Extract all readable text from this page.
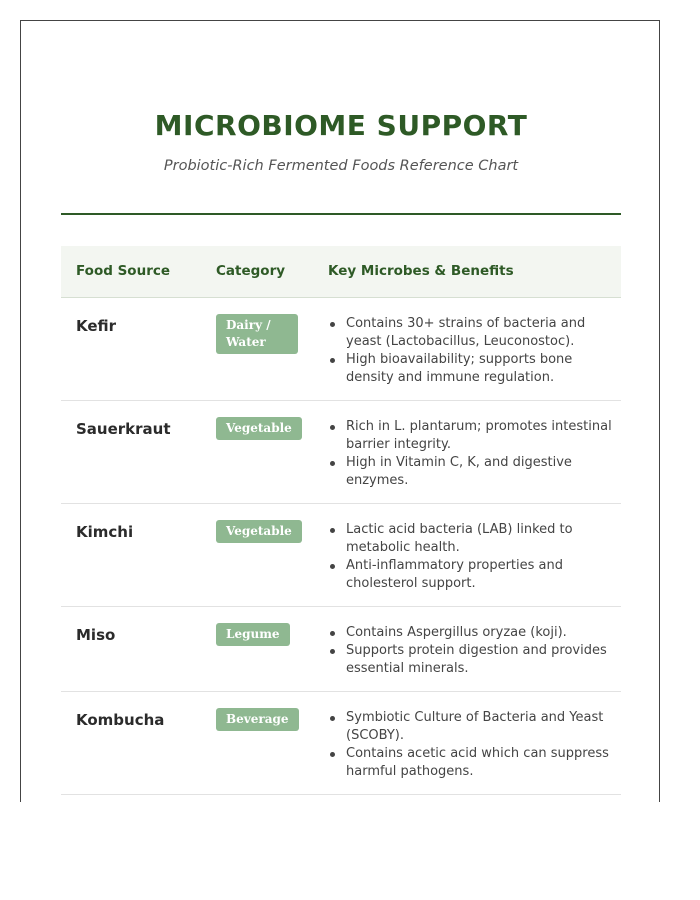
MICROBIOME SUPPORT
Probiotic-Rich Fermented Foods Reference Chart
Food Source	Category	Key Microbes & Benefits
Kefir	Dairy / Water
Contains 30+ strains of bacteria and yeast (Lactobacillus, Leuconostoc).
High bioavailability; supports bone density and immune regulation.
Sauerkraut	Vegetable	Rich in L. plantarum; promotes intestinal barrier integrity.
High in Vitamin C, K, and digestive enzymes.
Kimchi	Vegetable	Lactic acid bacteria (LAB) linked to metabolic health.
Anti-inflammatory properties and cholesterol support.
Miso	Legume	Contains Aspergillus oryzae (koji).
Supports protein digestion and provides essential minerals.
Kombucha	Beverage	Symbiotic Culture of Bacteria and Yeast (SCOBY).
Contains acetic acid which can suppress harmful pathogens.
